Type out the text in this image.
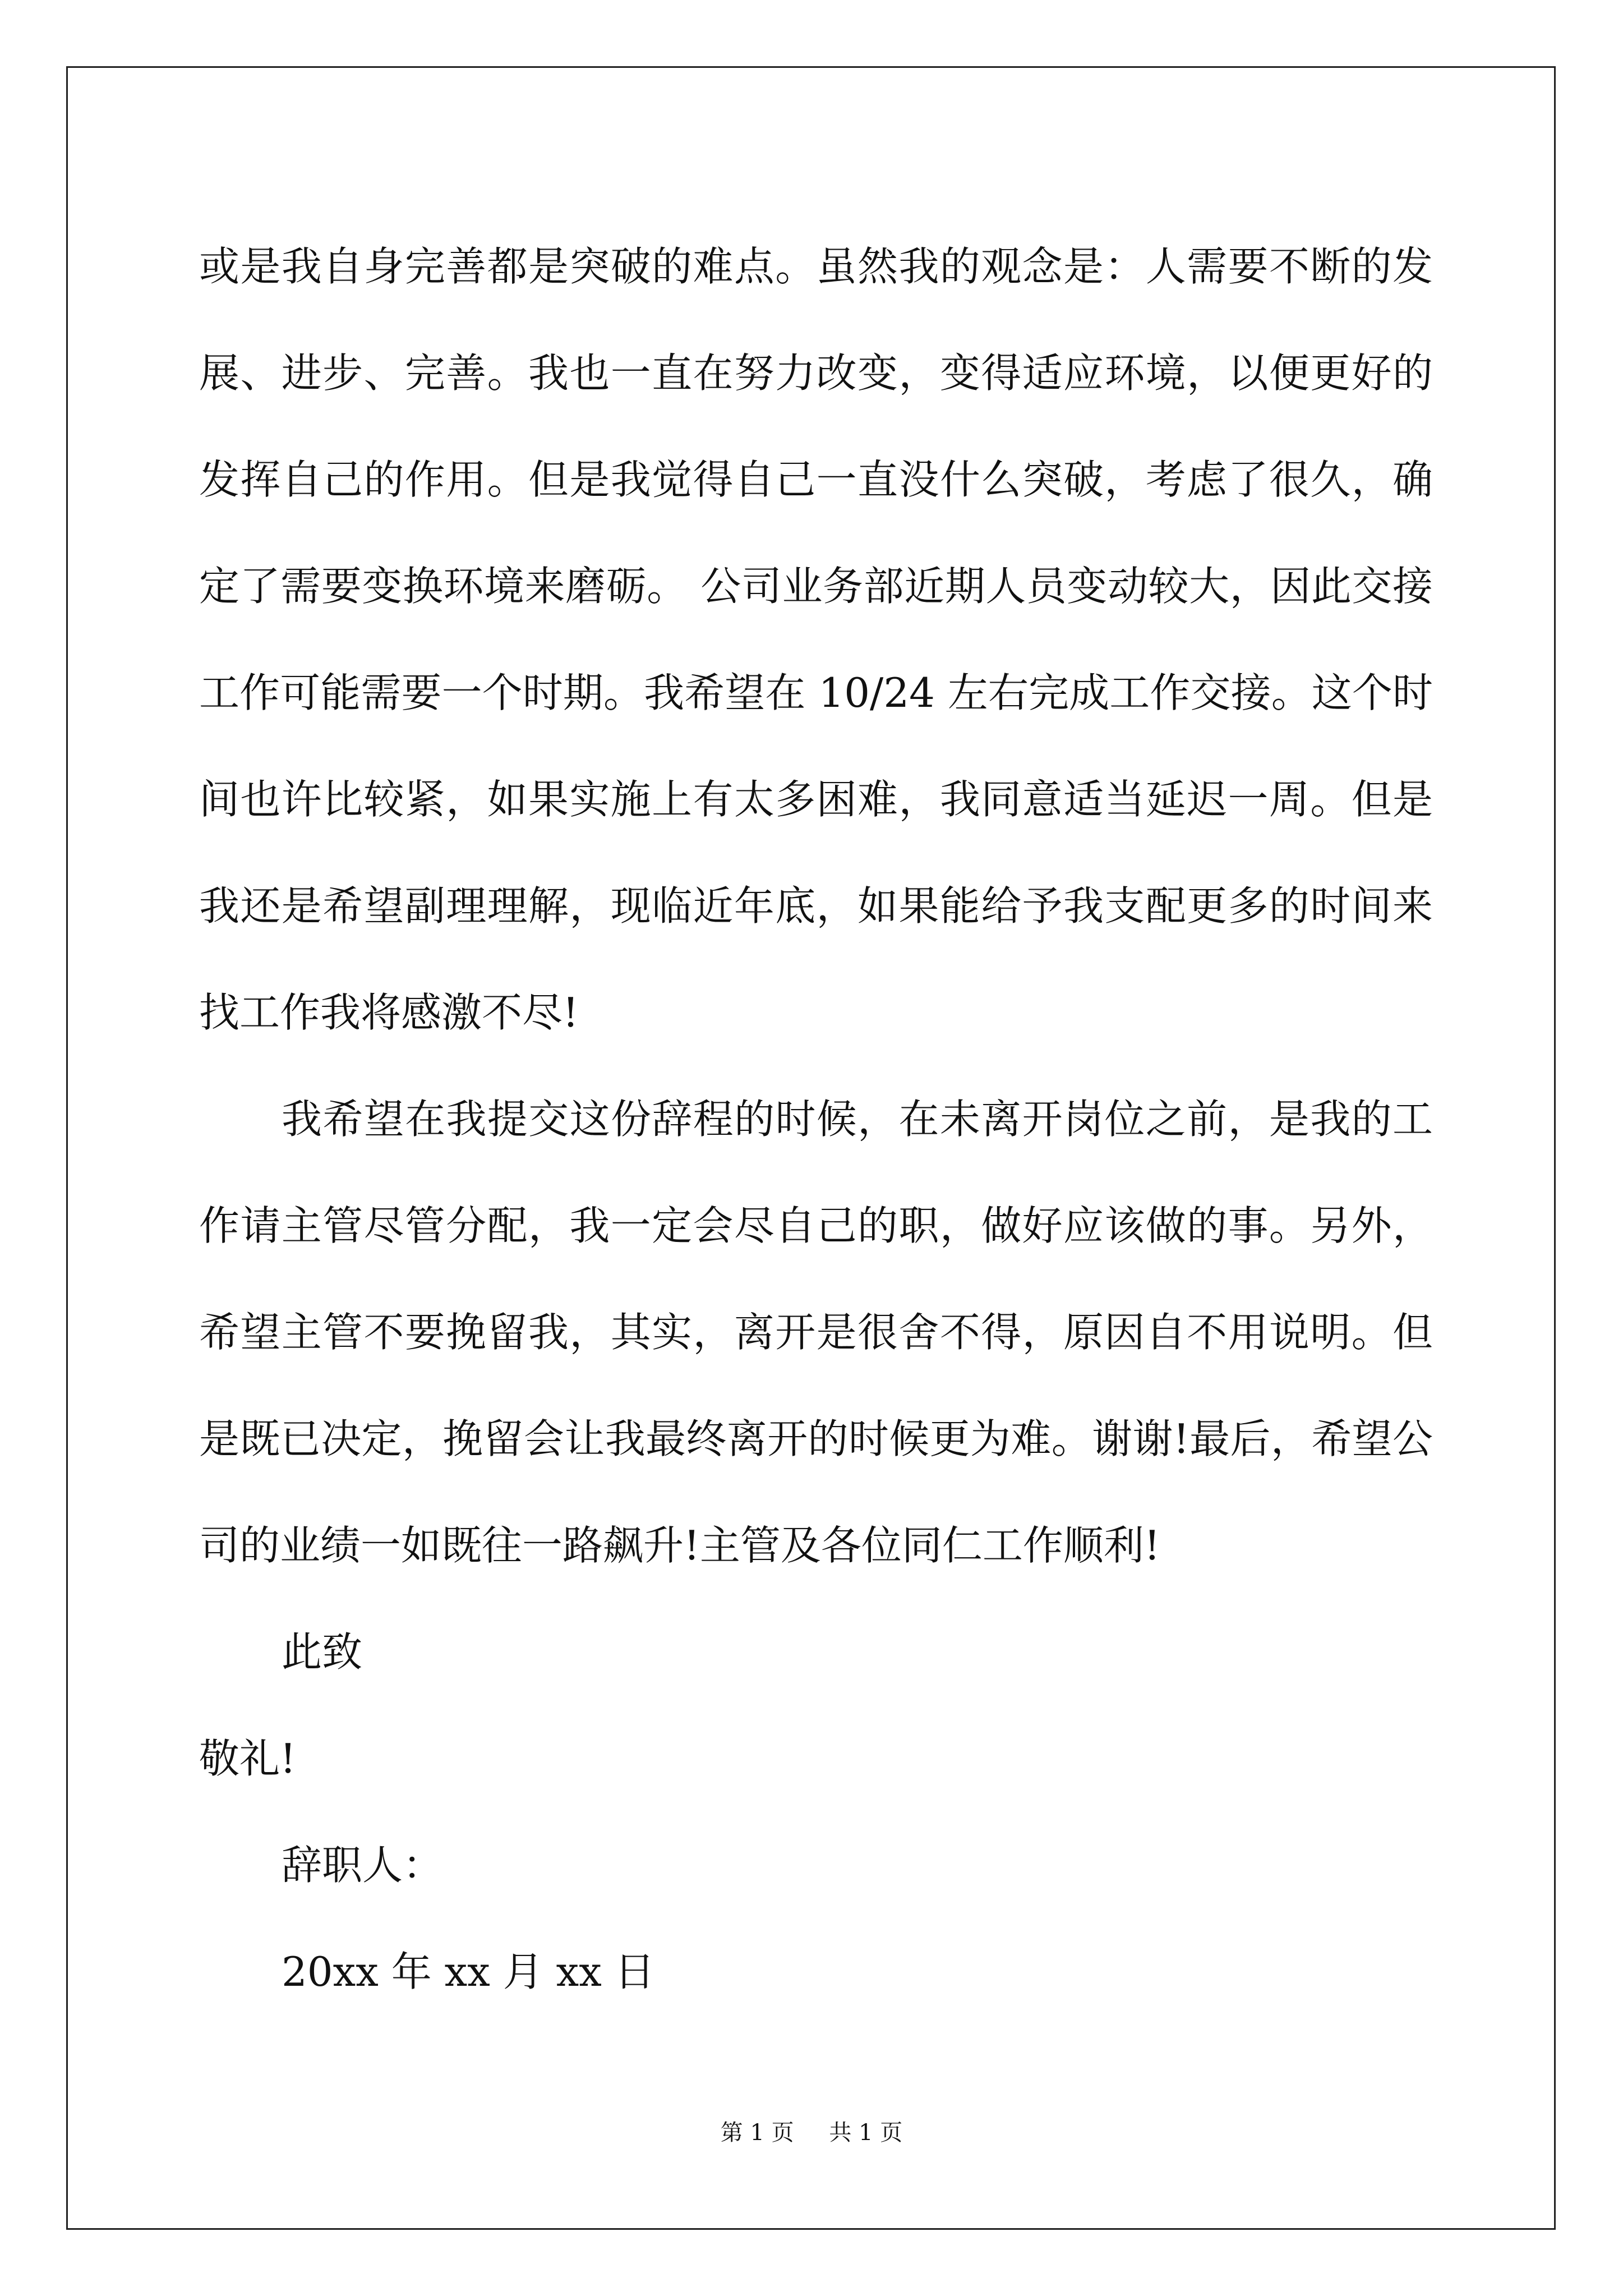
或是我自身完善都是突破的难点。虽然我的观念是：人需要不断的发
展、进步、完善。我也一直在努力改变，变得适应环境，以便更好的
发挥自己的作用。但是我觉得自己一直没什么突破，考虑了很久，确
定了需要变换环境来磨砺。 公司业务部近期人员变动较大，因此交接
工作可能需要一个时期。我希望在 10/24 左右完成工作交接。这个时
间也许比较紧，如果实施上有太多困难，我同意适当延迟一周。但是
我还是希望副理理解，现临近年底，如果能给予我支配更多的时间来
找工作我将感激不尽!
我希望在我提交这份辞程的时候，在未离开岗位之前，是我的工
作请主管尽管分配，我一定会尽自己的职，做好应该做的事。另外，
希望主管不要挽留我，其实，离开是很舍不得，原因自不用说明。但
是既已决定，挽留会让我最终离开的时候更为难。谢谢!最后，希望公
司的业绩一如既往一路飙升!主管及各位同仁工作顺利!
此致
敬礼!
辞职人：
20xx 年 xx 月 xx 日
第 1 页 共 1 页
